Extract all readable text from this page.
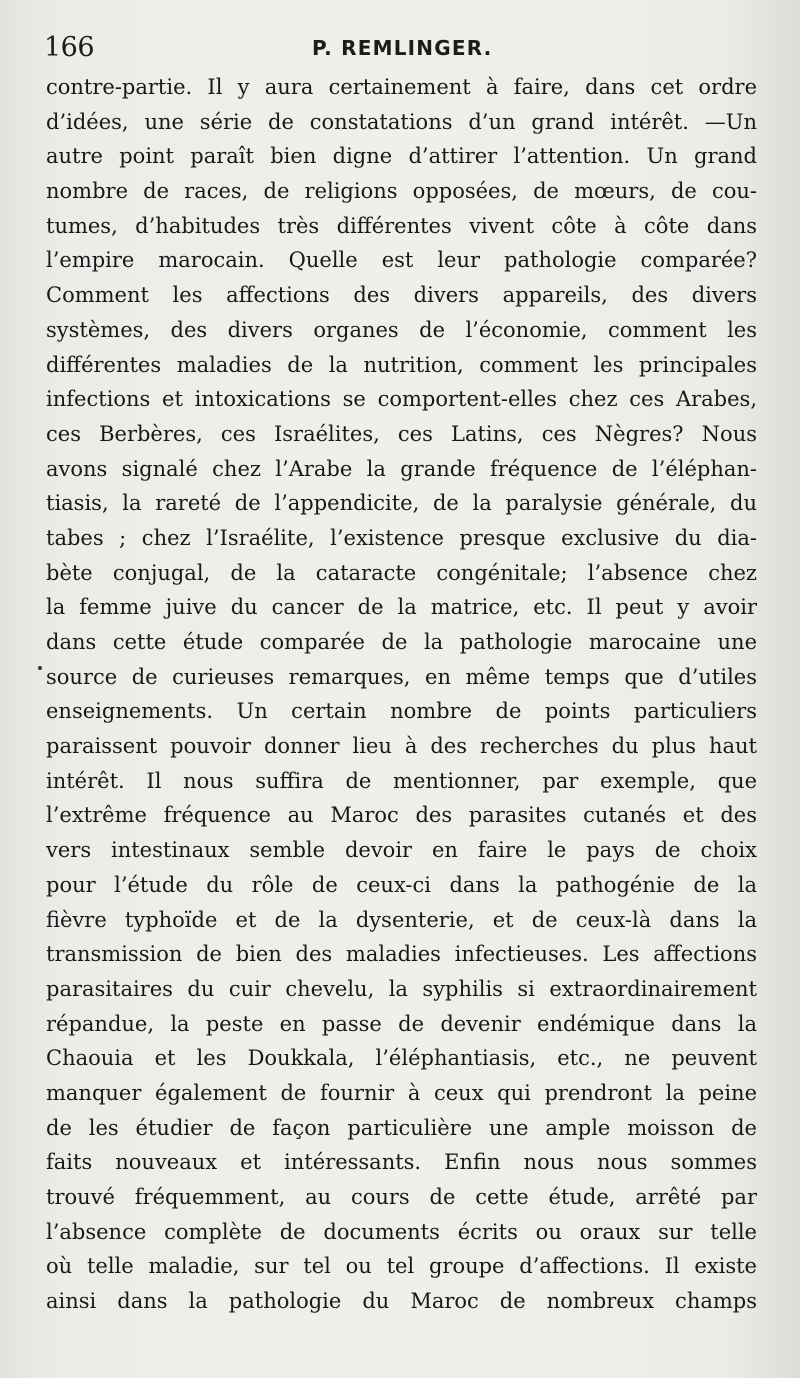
166	P. REMLINGER.
contre-partie. Il y aura certainement à faire, dans cet ordre
d’idées, une série de constatations d’un grand intérêt. —Un
autre point paraît bien digne d’attirer l’attention. Un grand
nombre de races, de religions opposées, de mœurs, de cou-
tumes, d’habitudes très différentes vivent côte à côte dans
l’empire marocain. Quelle est leur pathologie comparée?
Comment les affections des divers appareils, des divers
systèmes, des divers organes de l’économie, comment les
différentes maladies de la nutrition, comment les principales
infections et intoxications se comportent-elles chez ces Arabes,
ces Berbères, ces Israélites, ces Latins, ces Nègres? Nous
avons signalé chez l’Arabe la grande fréquence de l’éléphan-
tiasis, la rareté de l’appendicite, de la paralysie générale, du
tabes ; chez l’Israélite, l’existence presque exclusive du dia-
bète conjugal, de la cataracte congénitale; l’absence chez
la femme juive du cancer de la matrice, etc. Il peut y avoir
dans cette étude comparée de la pathologie marocaine une
source de curieuses remarques, en même temps que d’utiles
enseignements. Un certain nombre de points particuliers
paraissent pouvoir donner lieu à des recherches du plus haut
intérêt. Il nous suffira de mentionner, par exemple, que
l’extrême fréquence au Maroc des parasites cutanés et des
vers intestinaux semble devoir en faire le pays de choix
pour l’étude du rôle de ceux-ci dans la pathogénie de la
fièvre typhoïde et de la dysenterie, et de ceux-là dans la
transmission de bien des maladies infectieuses. Les affections
parasitaires du cuir chevelu, la syphilis si extraordinairement
répandue, la peste en passe de devenir endémique dans la
Chaouia et les Doukkala, l’éléphantiasis, etc., ne peuvent
manquer également de fournir à ceux qui prendront la peine
de les étudier de façon particulière une ample moisson de
faits nouveaux et intéressants. Enfin nous nous sommes
trouvé fréquemment, au cours de cette étude, arrêté par
l’absence complète de documents écrits ou oraux sur telle
où telle maladie, sur tel ou tel groupe d’affections. Il existe
ainsi dans la pathologie du Maroc de nombreux champs
